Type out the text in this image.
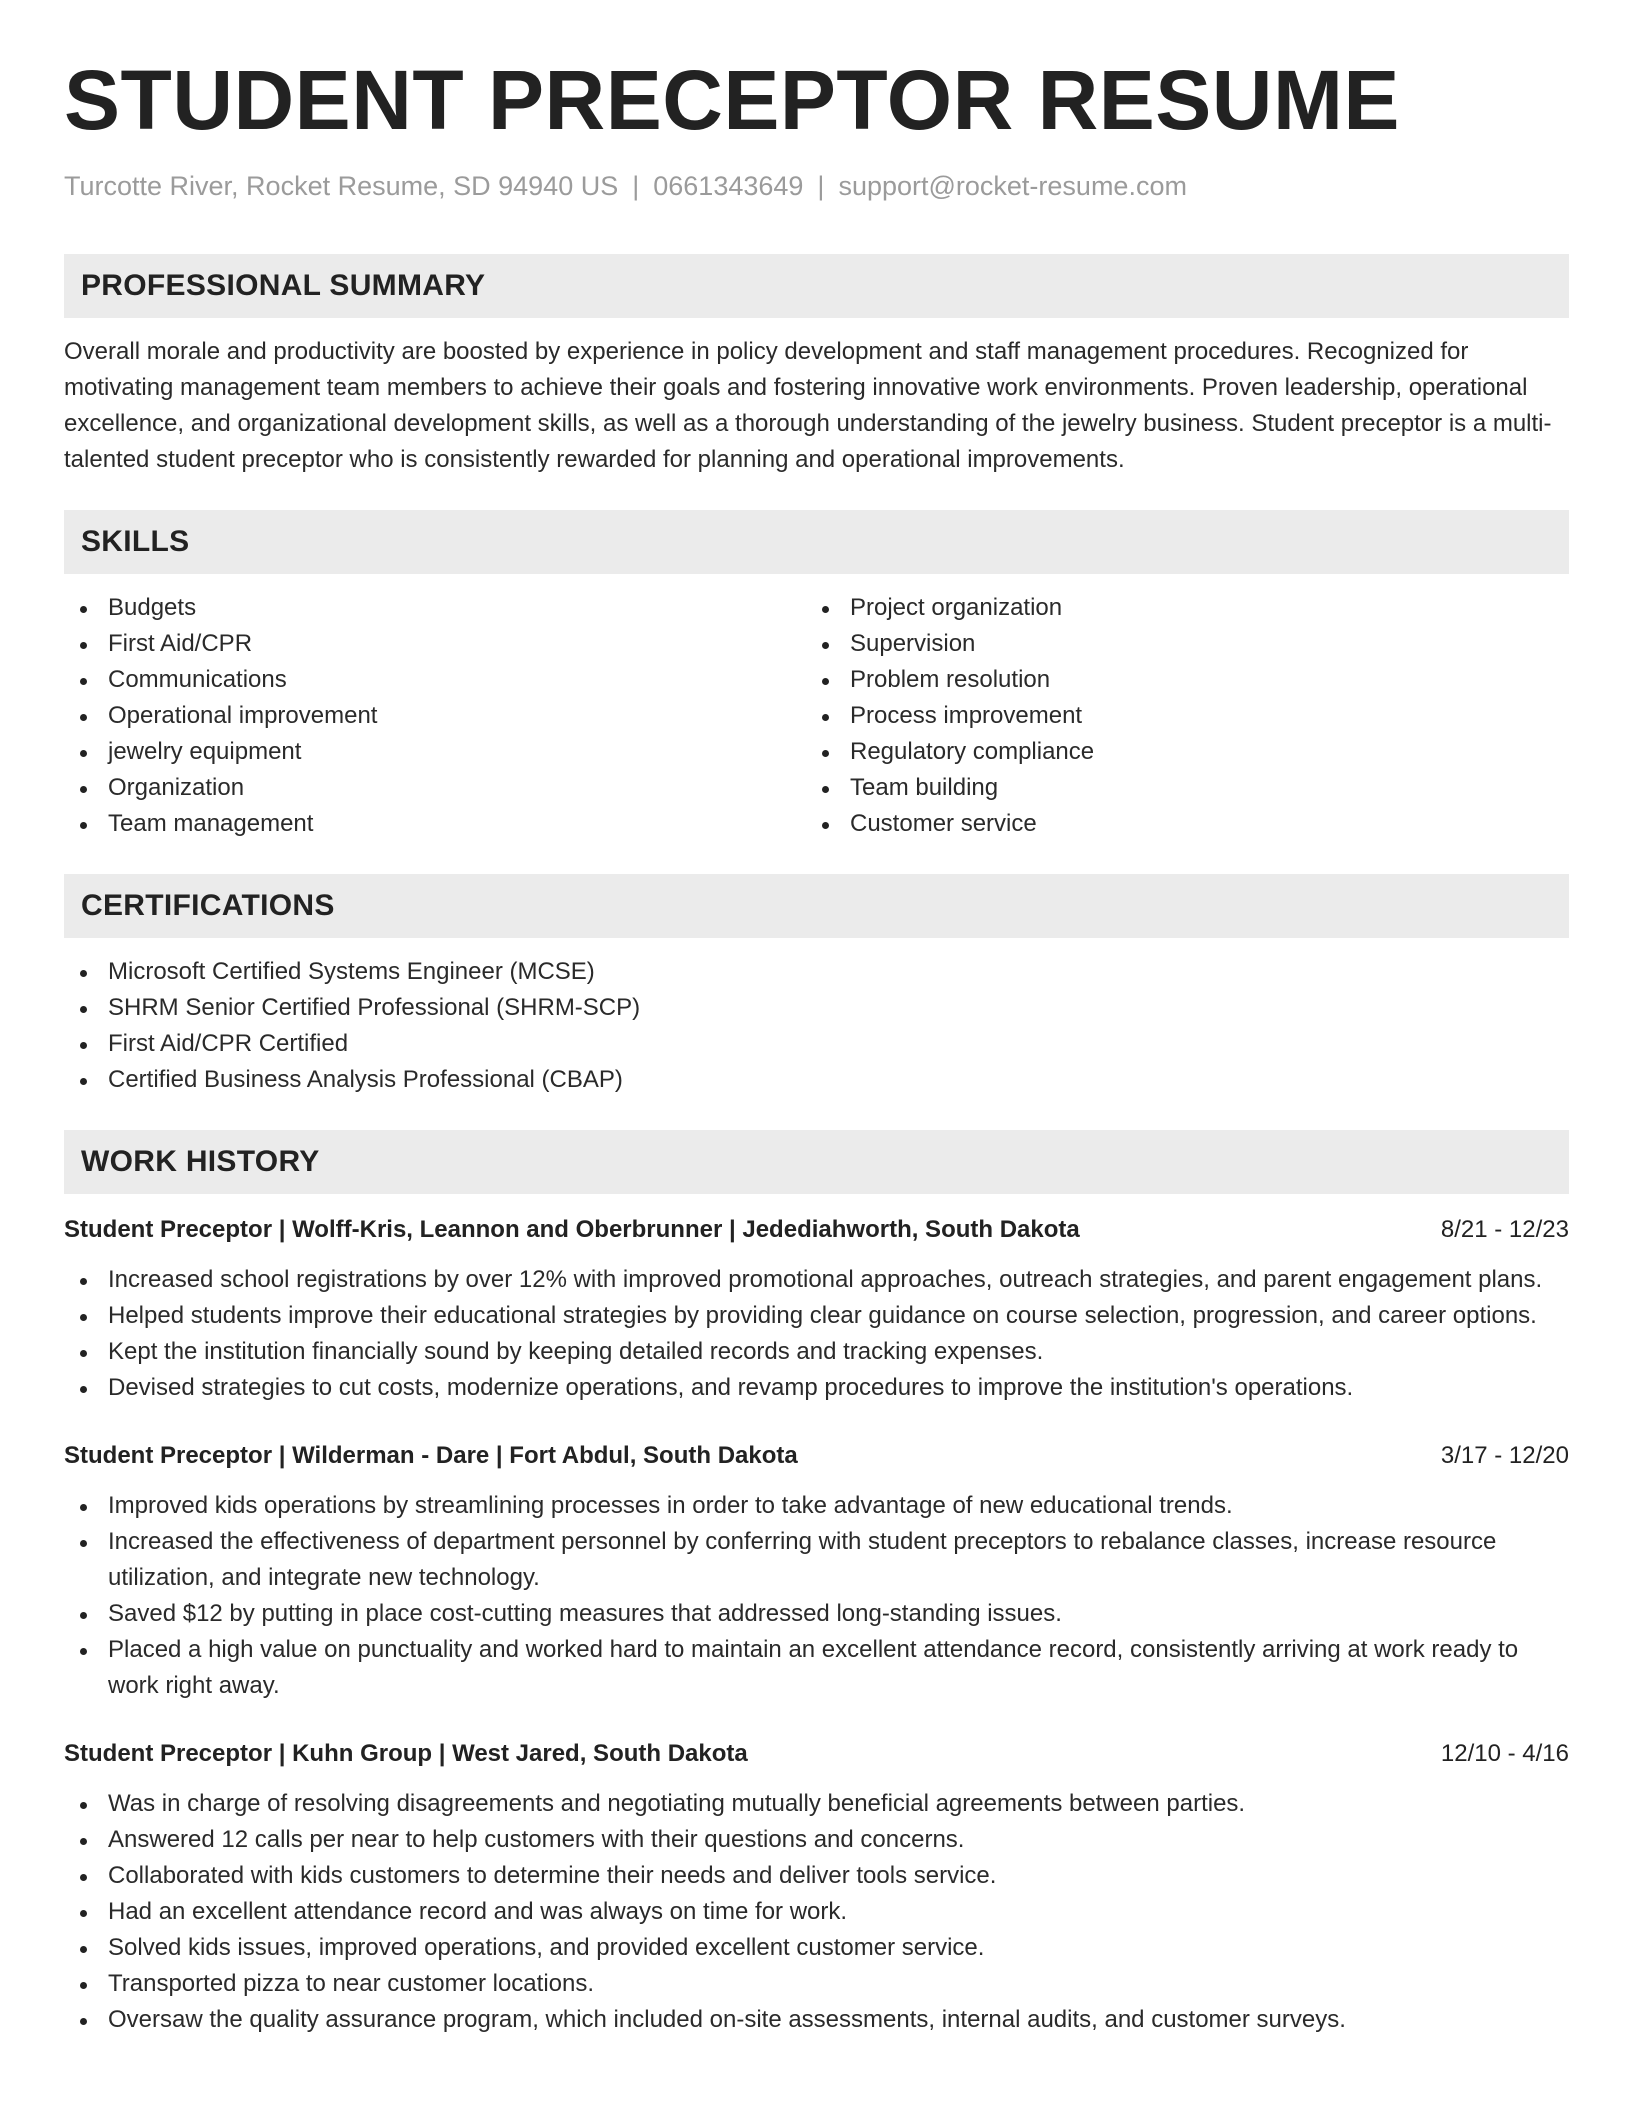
STUDENT PRECEPTOR RESUME
Turcotte River, Rocket Resume, SD 94940 US | 0661343649 | support@rocket-resume.com
PROFESSIONAL SUMMARY

Overall morale and productivity are boosted by experience in policy development and staff management procedures. Recognized for motivating management team members to achieve their goals and fostering innovative work environments. Proven leadership, operational excellence, and organizational development skills, as well as a thorough understanding of the jewelry business. Student preceptor is a multi-talented student preceptor who is consistently rewarded for planning and operational improvements.

SKILLS
Budgets
First Aid/CPR
Communications
Operational improvement
jewelry equipment
Organization
Team management
Project organization
Supervision
Problem resolution
Process improvement
Regulatory compliance
Team building
Customer service
CERTIFICATIONS
Microsoft Certified Systems Engineer (MCSE)
SHRM Senior Certified Professional (SHRM-SCP)
First Aid/CPR Certified
Certified Business Analysis Professional (CBAP)
WORK HISTORY
Student Preceptor | Wolff-Kris, Leannon and Oberbrunner | Jedediahworth, South Dakota	8/21 - 12/23
Increased school registrations by over 12% with improved promotional approaches, outreach strategies, and parent engagement plans.
Helped students improve their educational strategies by providing clear guidance on course selection, progression, and career options.
Kept the institution financially sound by keeping detailed records and tracking expenses.
Devised strategies to cut costs, modernize operations, and revamp procedures to improve the institution's operations.
Student Preceptor | Wilderman - Dare | Fort Abdul, South Dakota	3/17 - 12/20
Improved kids operations by streamlining processes in order to take advantage of new educational trends.
Increased the effectiveness of department personnel by conferring with student preceptors to rebalance classes, increase resource utilization, and integrate new technology.
Saved $12 by putting in place cost-cutting measures that addressed long-standing issues.
Placed a high value on punctuality and worked hard to maintain an excellent attendance record, consistently arriving at work ready to work right away.
Student Preceptor | Kuhn Group | West Jared, South Dakota	12/10 - 4/16
Was in charge of resolving disagreements and negotiating mutually beneficial agreements between parties.
Answered 12 calls per near to help customers with their questions and concerns.
Collaborated with kids customers to determine their needs and deliver tools service.
Had an excellent attendance record and was always on time for work.
Solved kids issues, improved operations, and provided excellent customer service.
Transported pizza to near customer locations.
Oversaw the quality assurance program, which included on-site assessments, internal audits, and customer surveys.
